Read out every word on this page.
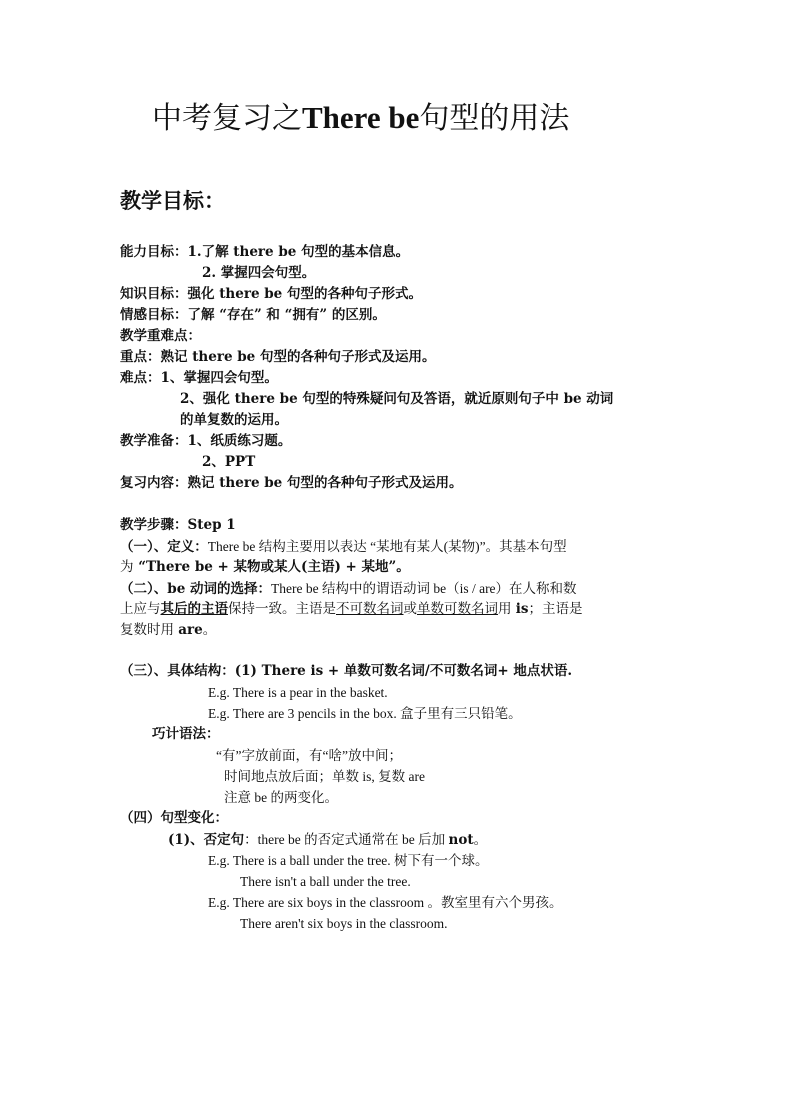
中考复习之There be句型的用法
教学目标：
能力目标：1.了解 there be 句型的基本信息。
2. 掌握四会句型。
知识目标：强化 there be 句型的各种句子形式。
情感目标：了解 “存在” 和 “拥有” 的区别。
教学重难点：
重点：熟记 there be 句型的各种句子形式及运用。
难点：1、掌握四会句型。
2、强化 there be 句型的特殊疑问句及答语，就近原则句子中 be 动词
的单复数的运用。
教学准备：1、纸质练习题。
2、PPT
复习内容：熟记 there be 句型的各种句子形式及运用。
教学步骤：Step 1
（一）、定义：There be 结构主要用以表达 “某地有某人(某物)”。其基本句型
为 “There be + 某物或某人(主语) + 某地”。
（二）、be 动词的选择：There be 结构中的谓语动词 be（is / are）在人称和数
上应与其后的主语保持一致。主语是不可数名词或单数可数名词用 is；主语是
复数时用 are。
（三）、具体结构：(1) There is + 单数可数名词/不可数名词+ 地点状语.
E.g. There is a pear in the basket.
E.g. There are 3 pencils in the box. 盒子里有三只铅笔。
巧计语法：
“有”字放前面，有“啥”放中间；
时间地点放后面；单数 is, 复数 are
注意 be 的两变化。
（四）句型变化：
(1)、否定句：there be 的否定式通常在 be 后加 not。
E.g. There is a ball under the tree. 树下有一个球。
There isn't a ball under the tree.
E.g. There are six boys in the classroom 。教室里有六个男孩。
There aren't six boys in the classroom.
